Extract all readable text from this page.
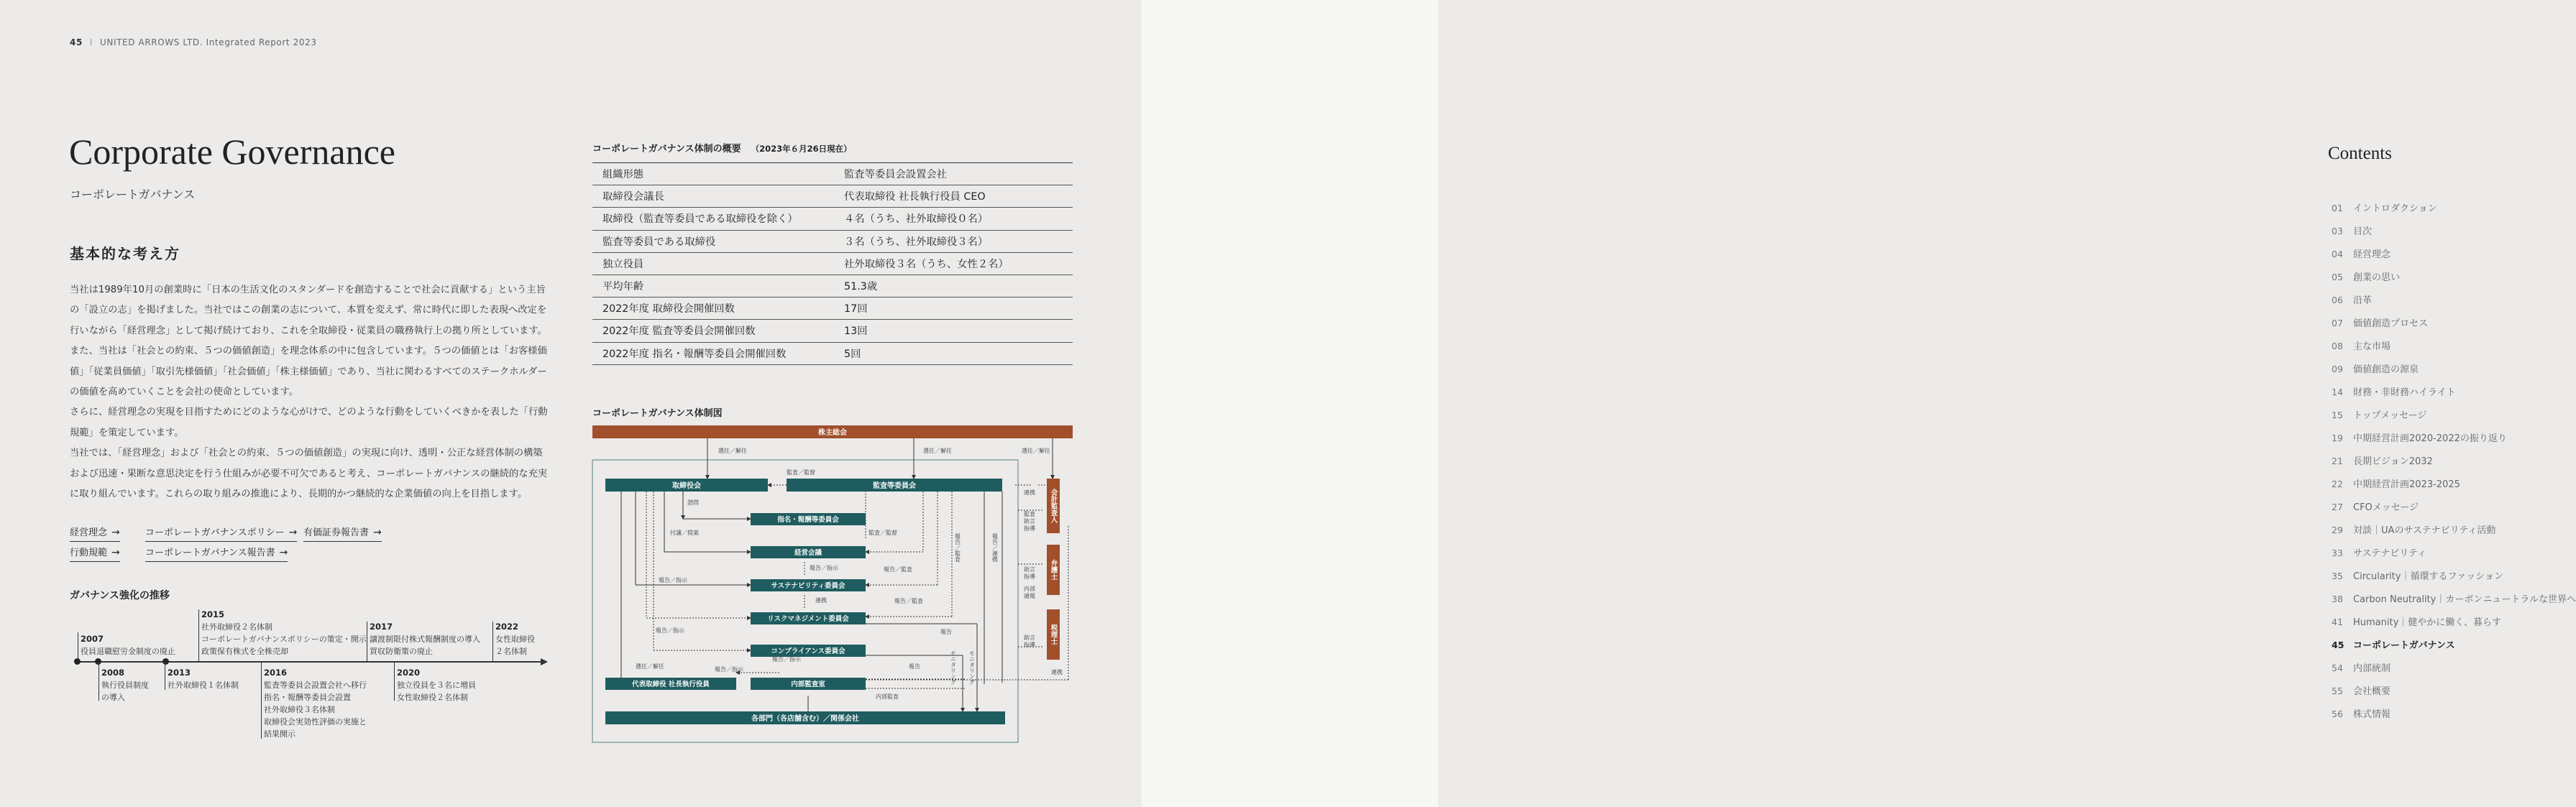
45 I UNITED ARROWS LTD. Integrated Report 2023
Corporate Governance
コーポレートガバナンス
基本的な考え方

当社は1989年10月の創業時に「日本の生活文化のスタンダードを創造することで社会に貢献する」という主旨の「設立の志」を掲げました。当社ではこの創業の志について、本質を変えず、常に時代に即した表現へ改定を行いながら「経営理念」として掲げ続けており、これを全取締役・従業員の職務執行上の拠り所としています。また、当社は「社会との約束、５つの価値創造」を理念体系の中に包含しています。５つの価値とは「お客様価値」「従業員価値」「取引先様価値」「社会価値」「株主様価値」であり、当社に関わるすべてのステークホルダーの価値を高めていくことを会社の使命としています。

さらに、経営理念の実現を目指すためにどのような心がけで、どのような行動をしていくべきかを表した「行動規範」を策定しています。

当社では、「経営理念」および「社会との約束、５つの価値創造」の実現に向け、透明・公正な経営体制の構築および迅速・果断な意思決定を行う仕組みが必要不可欠であると考え、コーポレートガバナンスの継続的な充実に取り組んでいます。これらの取り組みの推進により、長期的かつ継続的な企業価値の向上を目指します。

経営理念 →	コーポレートガバナンスポリシー → 有価証券報告書 →
行動規範 →	コーポレートガバナンス報告書 →
ガバナンス強化の推移
2007
役員退職慰労金制度の廃止
2008
執行役員制度
の導入
2013
社外取締役１名体制
2015
社外取締役２名体制
コーポレートガバナンスポリシーの策定・開示
政策保有株式を全株売却
2016
監査等委員会設置会社へ移行
指名・報酬等委員会設置
社外取締役３名体制
取締役会実効性評価の実施と
結果開示
2017
譲渡制限付株式報酬制度の導入
買収防衛策の廃止
2020
独立役員を３名に増員
女性取締役２名体制
2022
女性取締役
２名体制
コーポレートガバナンス体制の概要 （2023年６月26日現在）
組織形態	監査等委員会設置会社
取締役会議長	代表取締役 社長執行役員 CEO
取締役（監査等委員である取締役を除く）	４名（うち、社外取締役０名）
監査等委員である取締役	３名（うち、社外取締役３名）
独立役員	社外取締役３名（うち、女性２名）
平均年齢	51.3歳
2022年度 取締役会開催回数	17回
2022年度 監査等委員会開催回数	13回
2022年度 指名・報酬等委員会開催回数	5回
コーポレートガバナンス体制図
株主総会
取締役会	監査等委員会
指名・報酬等委員会
経営会議
サステナビリティ委員会
リスクマネジメント委員会
コンプライアンス委員会
代表取締役 社長執行役員	内部監査室
各部門（各店舗含む）／関係会社
会計監査人
弁護士
税理士
選任／解任	選任／解任	選任／解任
選任／解任
監査／監督
監査／監督
諮問
付議／提案
報告／指示
報告／指示
報告／指示
報告／指示
連携
報告／監査
報告／監査
報告
報告
内部監査
連携
連携
報告／指示
監査助言指導
助言指導
助言指導
内部通報
報告／監査	報告／連携
モニタリング モニタリング
Contents
01 イントロダクション
03 目次
04 経営理念
05 創業の思い
06 沿革
07 価値創造プロセス
08 主な市場
09 価値創造の源泉
14 財務・非財務ハイライト
15 トップメッセージ
19 中期経営計画2020-2022の振り返り
21 長期ビジョン2032
22 中期経営計画2023-2025
27 CFOメッセージ
29 対談｜UAのサステナビリティ活動
33 サステナビリティ
35 Circularity｜循環するファッション
38 Carbon Neutrality｜カーボンニュートラルな世界へ
41 Humanity｜健やかに働く、暮らす
45 コーポレートガバナンス
54 内部統制
55 会社概要
56 株式情報
